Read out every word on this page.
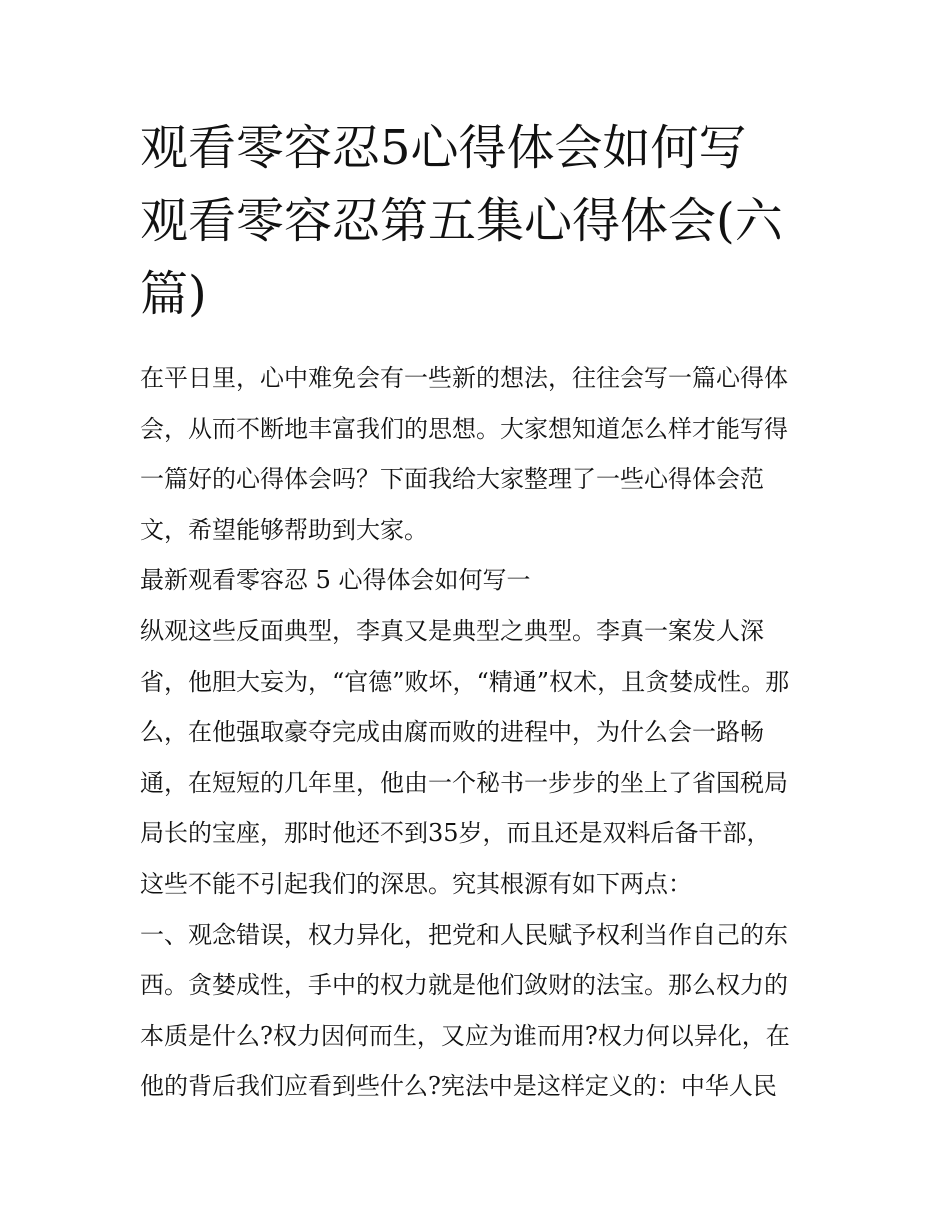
观看零容忍5心得体会如何写
观看零容忍第五集心得体会(六
篇)
在平日里，心中难免会有一些新的想法，往往会写一篇心得体
会，从而不断地丰富我们的思想。大家想知道怎么样才能写得
一篇好的心得体会吗？下面我给大家整理了一些心得体会范
文，希望能够帮助到大家。
最新观看零容忍 5 心得体会如何写一
纵观这些反面典型，李真又是典型之典型。李真一案发人深
省，他胆大妄为，“官德”败坏，“精通”权术，且贪婪成性。那
么，在他强取豪夺完成由腐而败的进程中，为什么会一路畅
通，在短短的几年里，他由一个秘书一步步的坐上了省国税局
局长的宝座，那时他还不到35岁，而且还是双料后备干部，
这些不能不引起我们的深思。究其根源有如下两点：
一、观念错误，权力异化，把党和人民赋予权利当作自己的东
西。贪婪成性，手中的权力就是他们敛财的法宝。那么权力的
本质是什么?权力因何而生，又应为谁而用?权力何以异化，在
他的背后我们应看到些什么?宪法中是这样定义的：中华人民
